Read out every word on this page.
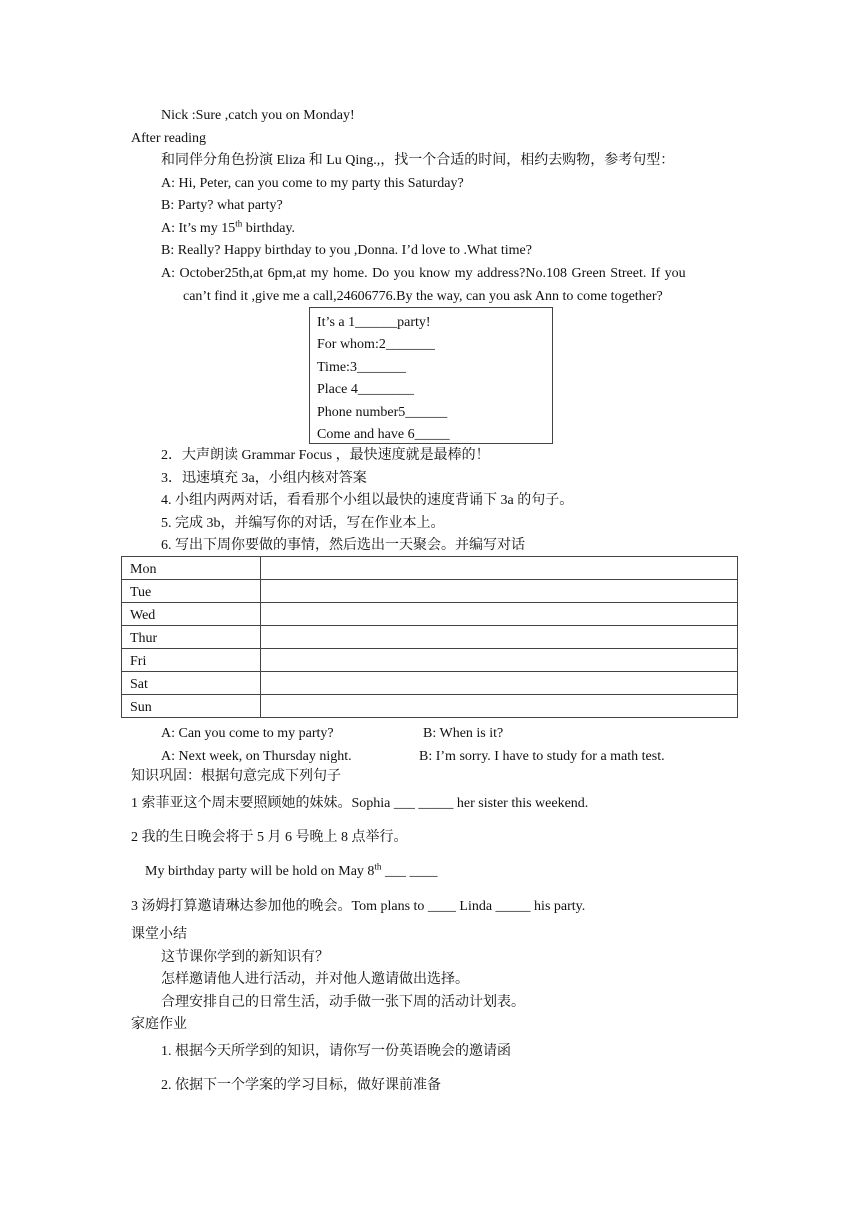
Nick :Sure ,catch you on Monday!
After reading
和同伴分角色扮演 Eliza 和 Lu Qing.,，找一个合适的时间，相约去购物，参考句型：
A: Hi, Peter, can you come to my party this Saturday?
B: Party? what party?
A: It’s my 15th birthday.
B: Really? Happy birthday to you ,Donna. I’d love to .What time?
A: October25th,at 6pm,at my home. Do you know my address?No.108 Green Street. If you
can’t find it ,give me a call,24606776.By the way, can you ask Ann to come together?
It’s a 1______party!
For whom:2_______
Time:3_______
Place 4________
Phone number5______
Come and have 6_____
2．大声朗读 Grammar Focus ，最快速度就是最棒的！
3．迅速填充 3a，小组内核对答案
4. 小组内两两对话，看看那个小组以最快的速度背诵下 3a 的句子。
5. 完成 3b，并编写你的对话，写在作业本上。
6. 写出下周你要做的事情，然后选出一天聚会。并编写对话
Mon	
Tue	
Wed	
Thur	
Fri	
Sat	
Sun	
A: Can you come to my party?	B: When is it?
A: Next week, on Thursday night.	B: I’m sorry. I have to study for a math test.
知识巩固：根据句意完成下列句子
1 索菲亚这个周末要照顾她的妹妹。Sophia ___ _____ her sister this weekend.
2 我的生日晚会将于 5 月 6 号晚上 8 点举行。
My birthday party will be hold on May 8th ___ ____
3 汤姆打算邀请琳达参加他的晚会。Tom plans to ____ Linda _____ his party.
课堂小结
这节课你学到的新知识有？
怎样邀请他人进行活动，并对他人邀请做出选择。
合理安排自己的日常生活，动手做一张下周的活动计划表。
家庭作业
1. 根据今天所学到的知识，请你写一份英语晚会的邀请函
2. 依据下一个学案的学习目标，做好课前准备
